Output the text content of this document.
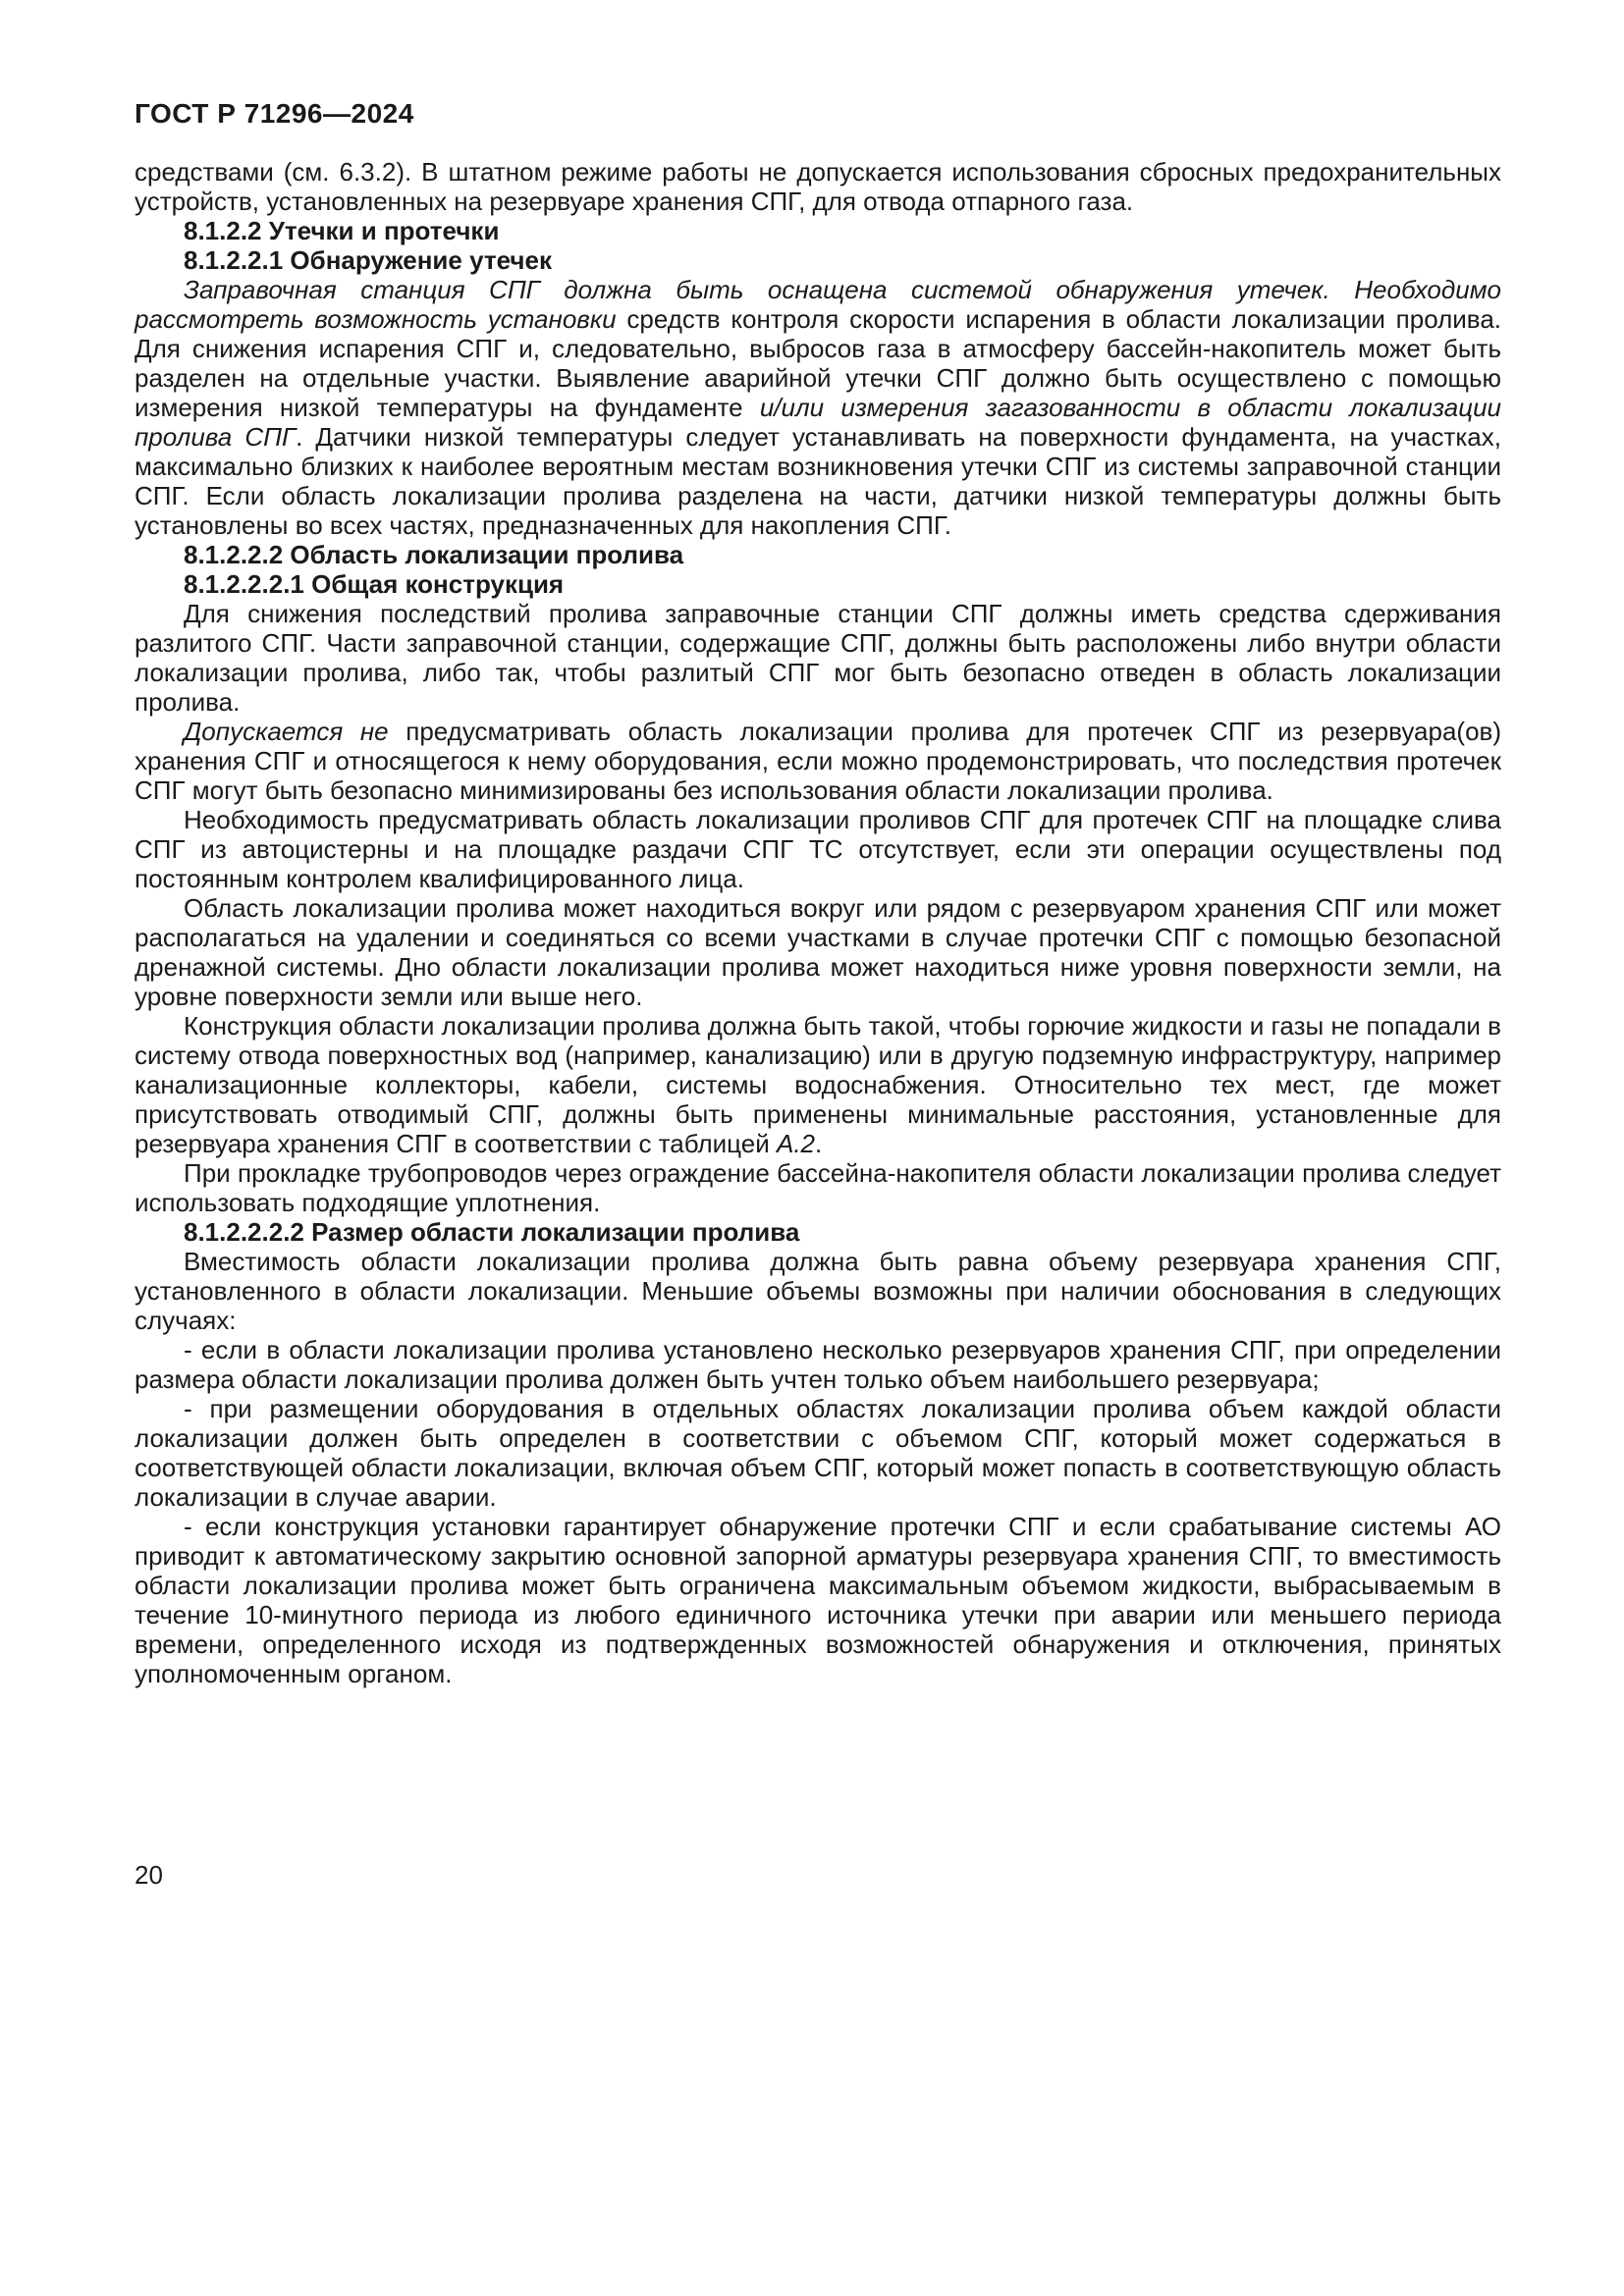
ГОСТ Р 71296—2024

средствами (см. 6.3.2). В штатном режиме работы не допускается использования сбросных предохранительных устройств, установленных на резервуаре хранения СПГ, для отвода отпарного газа.

8.1.2.2 Утечки и протечки

8.1.2.2.1 Обнаружение утечек

Заправочная станция СПГ должна быть оснащена системой обнаружения утечек. Необходимо рассмотреть возможность установки средств контроля скорости испарения в области локализации пролива. Для снижения испарения СПГ и, следовательно, выбросов газа в атмосферу бассейн-накопитель может быть разделен на отдельные участки. Выявление аварийной утечки СПГ должно быть осуществлено с помощью измерения низкой температуры на фундаменте и/или измерения загазованности в области локализации пролива СПГ. Датчики низкой температуры следует устанавливать на поверхности фундамента, на участках, максимально близких к наиболее вероятным местам возникновения утечки СПГ из системы заправочной станции СПГ. Если область локализации пролива разделена на части, датчики низкой температуры должны быть установлены во всех частях, предназначенных для накопления СПГ.

8.1.2.2.2 Область локализации пролива

8.1.2.2.2.1 Общая конструкция

Для снижения последствий пролива заправочные станции СПГ должны иметь средства сдерживания разлитого СПГ. Части заправочной станции, содержащие СПГ, должны быть расположены либо внутри области локализации пролива, либо так, чтобы разлитый СПГ мог быть безопасно отведен в область локализации пролива.

Допускается не предусматривать область локализации пролива для протечек СПГ из резервуара(ов) хранения СПГ и относящегося к нему оборудования, если можно продемонстрировать, что последствия протечек СПГ могут быть безопасно минимизированы без использования области локализации пролива.

Необходимость предусматривать область локализации проливов СПГ для протечек СПГ на площадке слива СПГ из автоцистерны и на площадке раздачи СПГ ТС отсутствует, если эти операции осуществлены под постоянным контролем квалифицированного лица.

Область локализации пролива может находиться вокруг или рядом с резервуаром хранения СПГ или может располагаться на удалении и соединяться со всеми участками в случае протечки СПГ с помощью безопасной дренажной системы. Дно области локализации пролива может находиться ниже уровня поверхности земли, на уровне поверхности земли или выше него.

Конструкция области локализации пролива должна быть такой, чтобы горючие жидкости и газы не попадали в систему отвода поверхностных вод (например, канализацию) или в другую подземную инфраструктуру, например канализационные коллекторы, кабели, системы водоснабжения. Относительно тех мест, где может присутствовать отводимый СПГ, должны быть применены минимальные расстояния, установленные для резервуара хранения СПГ в соответствии с таблицей А.2.

При прокладке трубопроводов через ограждение бассейна-накопителя области локализации пролива следует использовать подходящие уплотнения.

8.1.2.2.2.2 Размер области локализации пролива

Вместимость области локализации пролива должна быть равна объему резервуара хранения СПГ, установленного в области локализации. Меньшие объемы возможны при наличии обоснования в следующих случаях:

- если в области локализации пролива установлено несколько резервуаров хранения СПГ, при определении размера области локализации пролива должен быть учтен только объем наибольшего резервуара;

- при размещении оборудования в отдельных областях локализации пролива объем каждой области локализации должен быть определен в соответствии с объемом СПГ, который может содержаться в соответствующей области локализации, включая объем СПГ, который может попасть в соответствующую область локализации в случае аварии.

- если конструкция установки гарантирует обнаружение протечки СПГ и если срабатывание системы АО приводит к автоматическому закрытию основной запорной арматуры резервуара хранения СПГ, то вместимость области локализации пролива может быть ограничена максимальным объемом жидкости, выбрасываемым в течение 10-минутного периода из любого единичного источника утечки при аварии или меньшего периода времени, определенного исходя из подтвержденных возможностей обнаружения и отключения, принятых уполномоченным органом.

20
